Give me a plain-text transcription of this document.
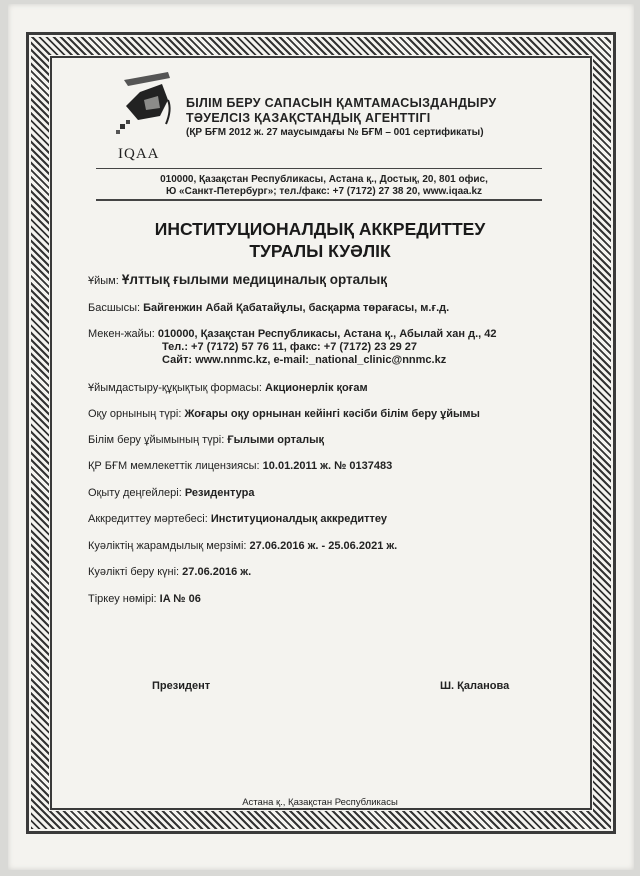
IQAA
БІЛІМ БЕРУ САПАСЫН ҚАМТАМАСЫЗДАНДЫРУ
ТӘУЕЛСІЗ ҚАЗАҚСТАНДЫҚ АГЕНТТІГІ
(ҚР БҒМ 2012 ж. 27 маусымдағы № БҒМ – 001 сертификаты)
010000, Қазақстан Республикасы, Астана қ., Достық, 20, 801 офис,
Ю «Санкт-Петербург»; тел./факс: +7 (7172) 27 38 20, www.iqaa.kz
ИНСТИТУЦИОНАЛДЫҚ АККРЕДИТТЕУ
ТУРАЛЫ КУӘЛІК
Ұйым: Ұлттық ғылыми медициналық орталық
Басшысы: Байгенжин Абай Қабатайұлы, басқарма төрағасы, м.ғ.д.
Мекен-жайы: 010000, Қазақстан Республикасы, Астана қ., Абылай хан д., 42
Тел.: +7 (7172) 57 76 11, факс: +7 (7172) 23 29 27
Сайт: www.nnmc.kz, e-mail:_national_clinic@nnmc.kz
Ұйымдастыру-құқықтық формасы: Акционерлік қоғам
Оқу орнының түрі: Жоғары оқу орнынан кейінгі кәсіби білім беру ұйымы
Білім беру ұйымының түрі: Ғылыми орталық
ҚР БҒМ мемлекеттік лицензиясы: 10.01.2011 ж. № 0137483
Оқыту деңгейлері: Резидентура
Аккредиттеу мәртебесі: Институционалдық аккредиттеу
Куәліктің жарамдылық мерзімі: 27.06.2016 ж. - 25.06.2021 ж.
Куәлікті беру күні: 27.06.2016 ж.
Тіркеу нөмірі: IA № 06
Президент	Ш. Қаланова
Астана қ., Қазақстан Республикасы
